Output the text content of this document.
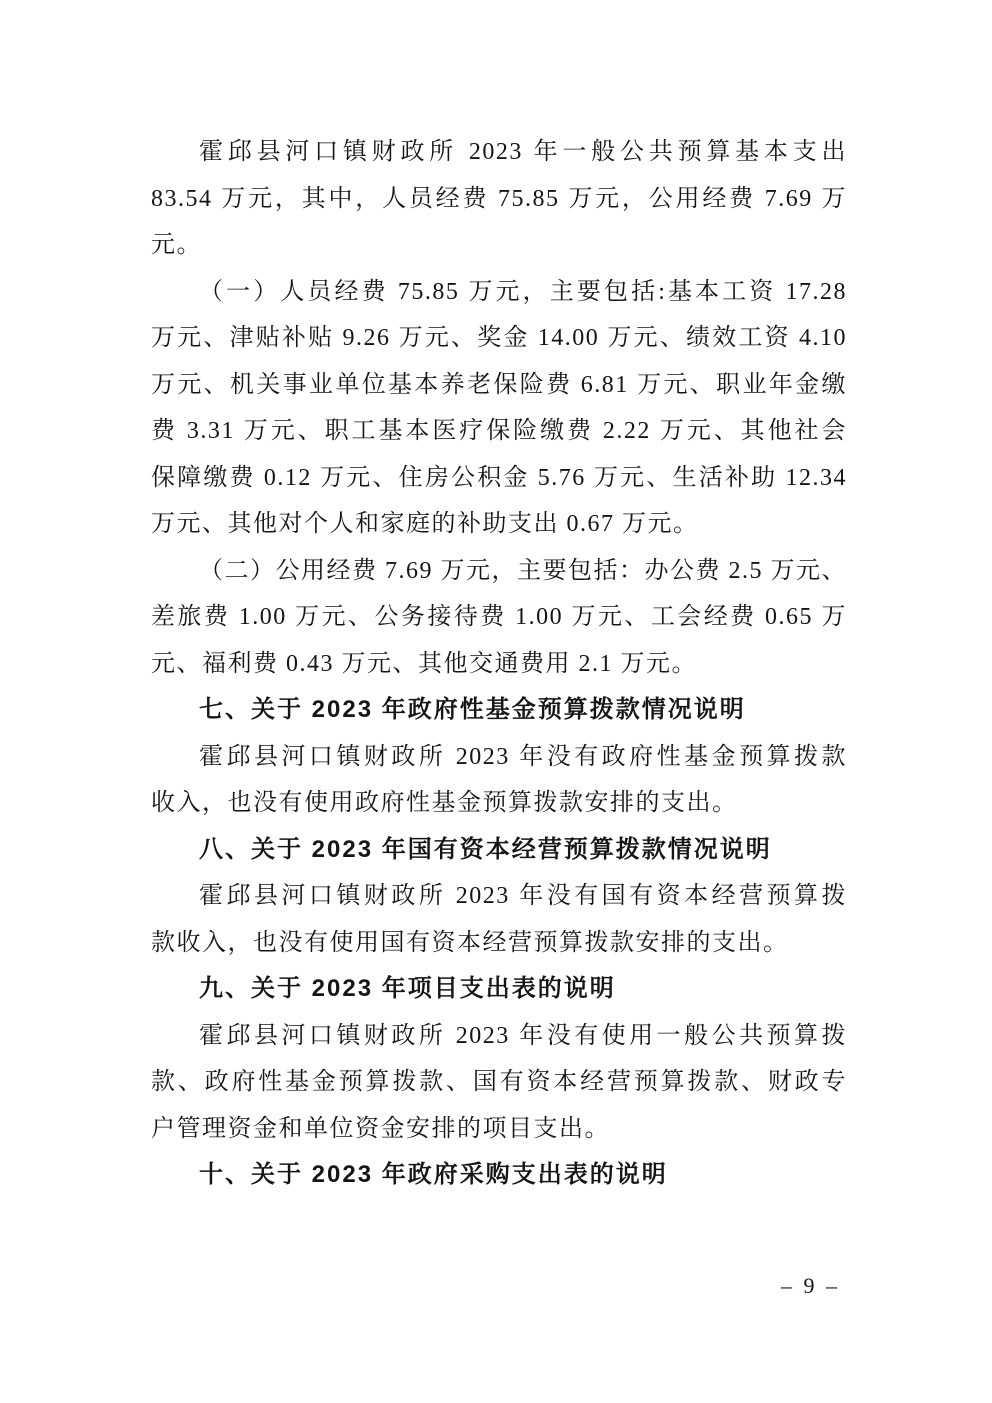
霍邱县河口镇财政所 2023 年一般公共预算基本支出
83.54 万元，其中，人员经费 75.85 万元，公用经费 7.69 万
元。
（一）人员经费 75.85 万元，主要包括:基本工资 17.28
万元、津贴补贴 9.26 万元、奖金 14.00 万元、绩效工资 4.10
万元、机关事业单位基本养老保险费 6.81 万元、职业年金缴
费 3.31 万元、职工基本医疗保险缴费 2.22 万元、其他社会
保障缴费 0.12 万元、住房公积金 5.76 万元、生活补助 12.34
万元、其他对个人和家庭的补助支出 0.67 万元。
（二）公用经费 7.69 万元，主要包括：办公费 2.5 万元、
差旅费 1.00 万元、公务接待费 1.00 万元、工会经费 0.65 万
元、福利费 0.43 万元、其他交通费用 2.1 万元。
七、关于 2023 年政府性基金预算拨款情况说明
霍邱县河口镇财政所 2023 年没有政府性基金预算拨款
收入，也没有使用政府性基金预算拨款安排的支出。
八、关于 2023 年国有资本经营预算拨款情况说明
霍邱县河口镇财政所 2023 年没有国有资本经营预算拨
款收入，也没有使用国有资本经营预算拨款安排的支出。
九、关于 2023 年项目支出表的说明
霍邱县河口镇财政所 2023 年没有使用一般公共预算拨
款、政府性基金预算拨款、国有资本经营预算拨款、财政专
户管理资金和单位资金安排的项目支出。
十、关于 2023 年政府采购支出表的说明
– 9 –
